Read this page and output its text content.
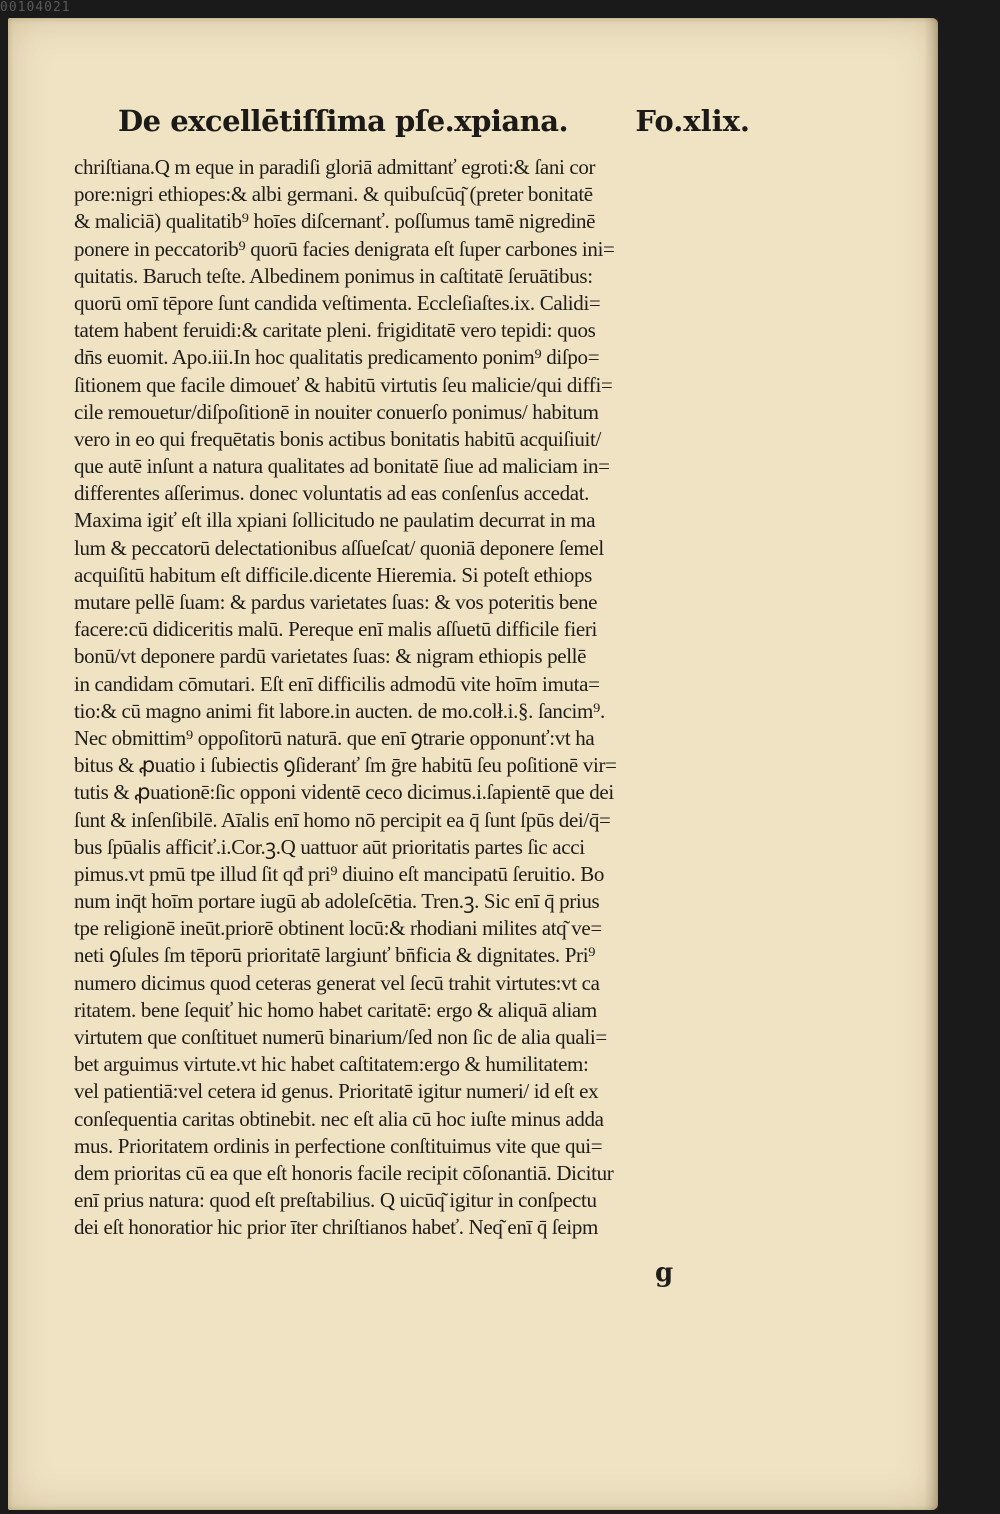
00104021
De excellētiſſima pſe.xpiana. Fo.xlix.
chriſtiana.Q m eque in paradiſi gloriā admittanť egroti:& ſani cor
pore:nigri ethiopes:& albi germani. & quibuſcūq͂ (preter bonitatē
& maliciā) qualitatib⁹ hoīes diſcernanť. poſſumus tamē nigredinē
ponere in peccatorib⁹ quorū facies denigrata eſt ſuper carbones ini=
quitatis. Baruch teſte. Albedinem ponimus in caſtitatē ſeruātibus:
quorū omī tēpore ſunt candida veſtimenta. Eccleſiaſtes.ix. Calidi=
tatem habent feruidi:& caritate pleni. frigiditatē vero tepidi: quos
dn̄s euomit. Apo.iii.In hoc qualitatis predicamento ponim⁹ diſpo=
ſitionem que facile dimoueť & habitū virtutis ſeu malicie/qui diffi=
cile remouetur/diſpoſitionē in nouiter conuerſo ponimus/ habitum
vero in eo qui frequētatis bonis actibus bonitatis habitū acquiſiuit/
que autē inſunt a natura qualitates ad bonitatē ſiue ad maliciam in=
differentes aſſerimus. donec voluntatis ad eas conſenſus accedat.
Maxima igiť eſt illa xpiani ſollicitudo ne paulatim decurrat in ma
lum & peccatorū delectationibus aſſueſcat/ quoniā deponere ſemel
acquiſitū habitum eſt difficile.dicente Hieremia. Si poteſt ethiops
mutare pellē ſuam: & pardus varietates ſuas: & vos poteritis bene
facere:cū didiceritis malū. Pereque enī malis aſſuetū difficile fieri
bonū/vt deponere pardū varietates ſuas: & nigram ethiopis pellē
in candidam cōmutari. Eſt enī difficilis admodū vite hoīm imuta=
tio:& cū magno animi fit labore.in aucten. de mo.colł.i.§. ſancim⁹.
Nec obmittim⁹ oppoſitorū naturā. que enī ꝯtrarie opponunť:vt ha
bitus & ꝓuatio i ſubiectis ꝯſideranť ſm ḡre habitū ſeu poſitionē vir=
tutis & ꝓuationē:ſic opponi videntē ceco dicimus.i.ſapientē que dei
ſunt & inſenſibilē. Aīalis enī homo nō percipit ea q̄ ſunt ſpūs dei/q̄=
bus ſpūalis afficiť.i.Cor.ꝫ.Q uattuor aūt prioritatis partes ſic acci
pimus.vt pmū tpe illud ſit qđ pri⁹ diuino eſt mancipatū ſeruitio. Bo
num inq̄t hoīm portare iugū ab adoleſcētia. Tren.ꝫ. Sic enī q̄ prius
tpe religionē ineūt.priorē obtinent locū:& rhodiani milites atq͂ ve=
neti ꝯſules ſm tēporū prioritatē largiunť bn̄ficia & dignitates. Pri⁹
numero dicimus quod ceteras generat vel ſecū trahit virtutes:vt ca
ritatem. bene ſequiť hic homo habet caritatē: ergo & aliquā aliam
virtutem que conſtituet numerū binarium/ſed non ſic de alia quali=
bet arguimus virtute.vt hic habet caſtitatem:ergo & humilitatem:
vel patientiā:vel cetera id genus. Prioritatē igitur numeri/ id eſt ex
conſequentia caritas obtinebit. nec eſt alia cū hoc iuſte minus adda
mus. Prioritatem ordinis in perfectione conſtituimus vite que qui=
dem prioritas cū ea que eſt honoris facile recipit cōſonantiā. Dicitur
enī prius natura: quod eſt preſtabilius. Q uicūq͂ igitur in conſpectu
dei eſt honoratior hic prior īter chriſtianos habeť. Neq͂ enī q̄ ſeipm
g
